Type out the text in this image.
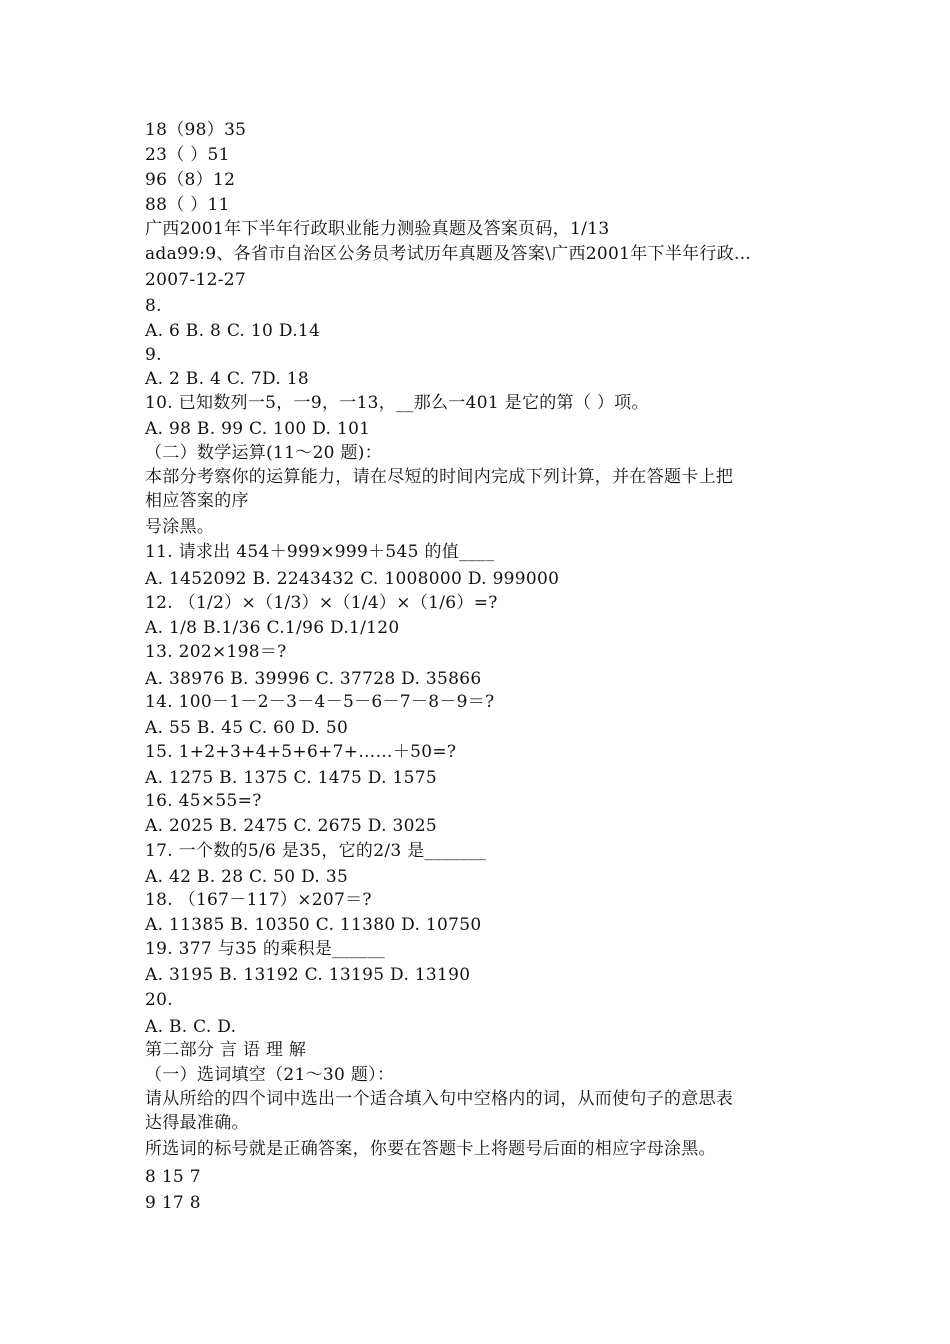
18（98）35
23（ ）51
96（8）12
88（ ）11
广西2001年下半年行政职业能力测验真题及答案页码，1/13
ada99:9、各省市自治区公务员考试历年真题及答案\广西2001年下半年行政...
2007-12-27
8.
A. 6 B. 8 C. 10 D.14
9.
A. 2 B. 4 C. 7D. 18
10. 已知数列一5，一9，一13，__那么一401 是它的第（ ）项。
A. 98 B. 99 C. 100 D. 101
（二）数学运算(11～20 题)：
本部分考察你的运算能力，请在尽短的时间内完成下列计算，并在答题卡上把
相应答案的序
号涂黑。
11. 请求出 454＋999×999＋545 的值____
A. 1452092 B. 2243432 C. 1008000 D. 999000
12. （1/2）×（1/3）×（1/4）×（1/6）=?
A. 1/8 B.1/36 C.1/96 D.1/120
13. 202×198＝?
A. 38976 B. 39996 C. 37728 D. 35866
14. 100－1－2－3－4－5－6－7－8－9＝?
A. 55 B. 45 C. 60 D. 50
15. 1+2+3+4+5+6+7+……＋50=?
A. 1275 B. 1375 C. 1475 D. 1575
16. 45×55=?
A. 2025 B. 2475 C. 2675 D. 3025
17. 一个数的5/6 是35，它的2/3 是_______
A. 42 B. 28 C. 50 D. 35
18. （167－117）×207＝?
A. 11385 B. 10350 C. 11380 D. 10750
19. 377 与35 的乘积是______
A. 3195 B. 13192 C. 13195 D. 13190
20.
A. B. C. D.
第二部分 言 语 理 解
（一）选词填空（21～30 题）：
请从所给的四个词中选出一个适合填入句中空格内的词，从而使句子的意思表
达得最准确。
所选词的标号就是正确答案，你要在答题卡上将题号后面的相应字母涂黑。
8 15 7
9 17 8
